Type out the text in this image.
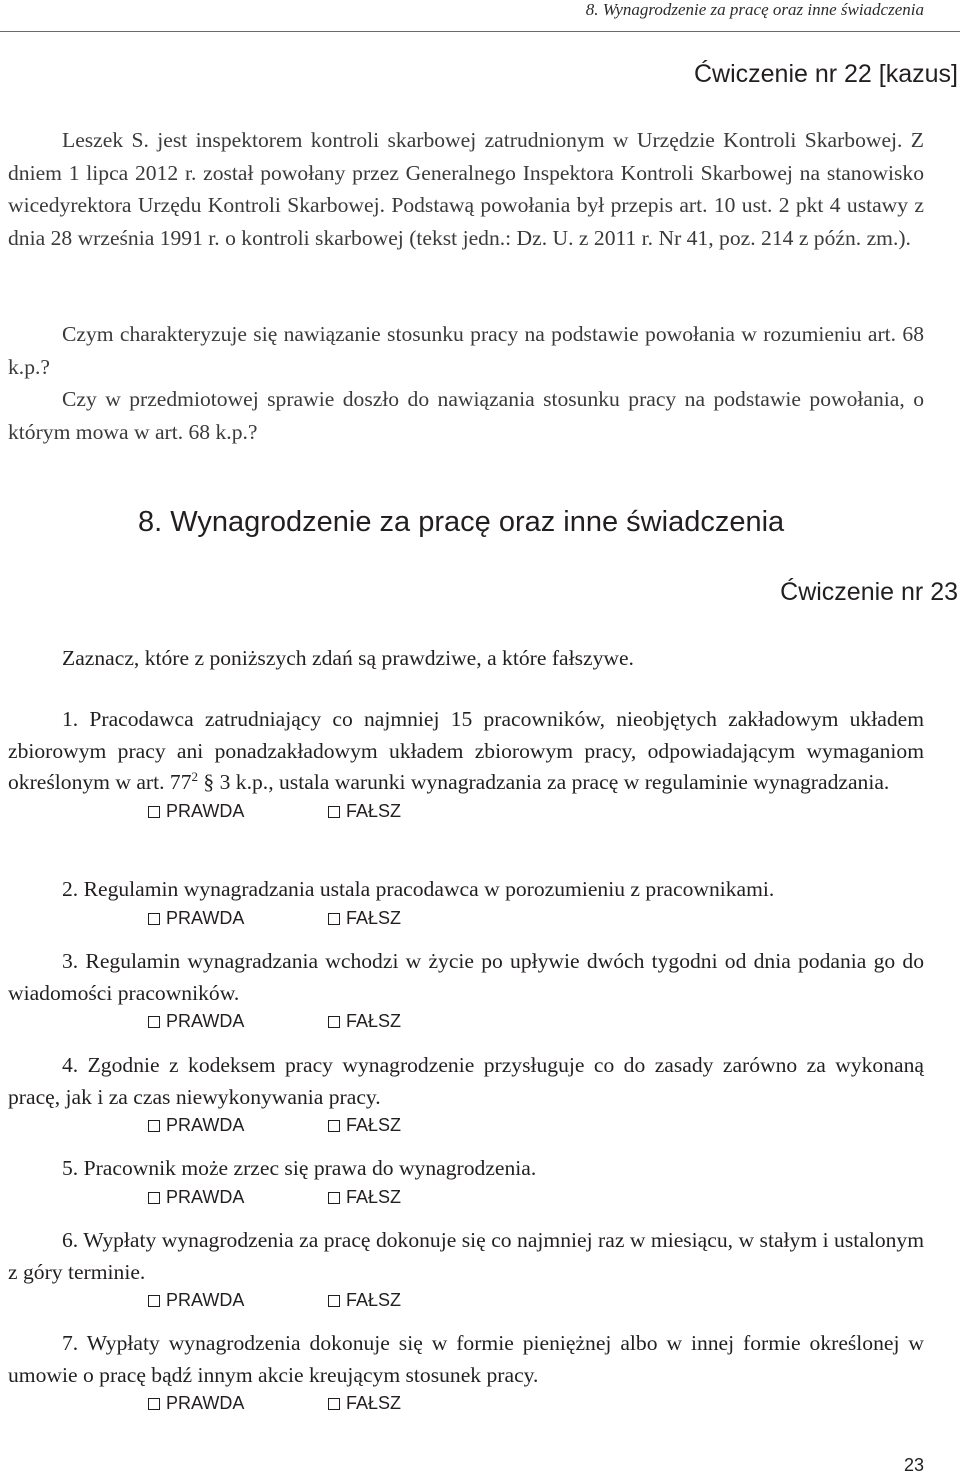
8. Wynagrodzenie za pracę oraz inne świadczenia
Ćwiczenie nr 22 [kazus]

Leszek S. jest inspektorem kontroli skarbowej zatrudnionym w Urzędzie Kontroli Skarbowej. Z dniem 1 lipca 2012 r. został powołany przez Generalnego Inspektora Kontroli Skarbowej na stanowisko wicedyrektora Urzędu Kontroli Skarbowej. Podstawą powołania był przepis art. 10 ust. 2 pkt 4 ustawy z dnia 28 września 1991 r. o kontroli skarbowej (tekst jedn.: Dz. U. z 2011 r. Nr 41, poz. 214 z późn. zm.).

Czym charakteryzuje się nawiązanie stosunku pracy na podstawie powołania w rozumieniu art. 68 k.p.?

Czy w przedmiotowej sprawie doszło do nawiązania stosunku pracy na podstawie powołania, o którym mowa w art. 68 k.p.?

8. Wynagrodzenie za pracę oraz inne świadczenia
Ćwiczenie nr 23

Zaznacz, które z poniższych zdań są prawdziwe, a które fałszywe.

1. Pracodawca zatrudniający co najmniej 15 pracowników, nieobjętych zakładowym układem zbiorowym pracy ani ponadzakładowym układem zbiorowym pracy, odpowiadającym wymaganiom określonym w art. $77^2$ § 3 k.p., ustala warunki wynagradzania za pracę w regulaminie wynagradzania.

PRAWDA	FAŁSZ

2. Regulamin wynagradzania ustala pracodawca w porozumieniu z pracownikami.

PRAWDA	FAŁSZ

3. Regulamin wynagradzania wchodzi w życie po upływie dwóch tygodni od dnia podania go do wiadomości pracowników.

PRAWDA	FAŁSZ

4. Zgodnie z kodeksem pracy wynagrodzenie przysługuje co do zasady zarówno za wykonaną pracę, jak i za czas niewykonywania pracy.

PRAWDA	FAŁSZ

5. Pracownik może zrzec się prawa do wynagrodzenia.

PRAWDA	FAŁSZ

6. Wypłaty wynagrodzenia za pracę dokonuje się co najmniej raz w miesiącu, w stałym i ustalonym z góry terminie.

PRAWDA	FAŁSZ

7. Wypłaty wynagrodzenia dokonuje się w formie pieniężnej albo w innej formie określonej w umowie o pracę bądź innym akcie kreującym stosunek pracy.

PRAWDA	FAŁSZ
23
